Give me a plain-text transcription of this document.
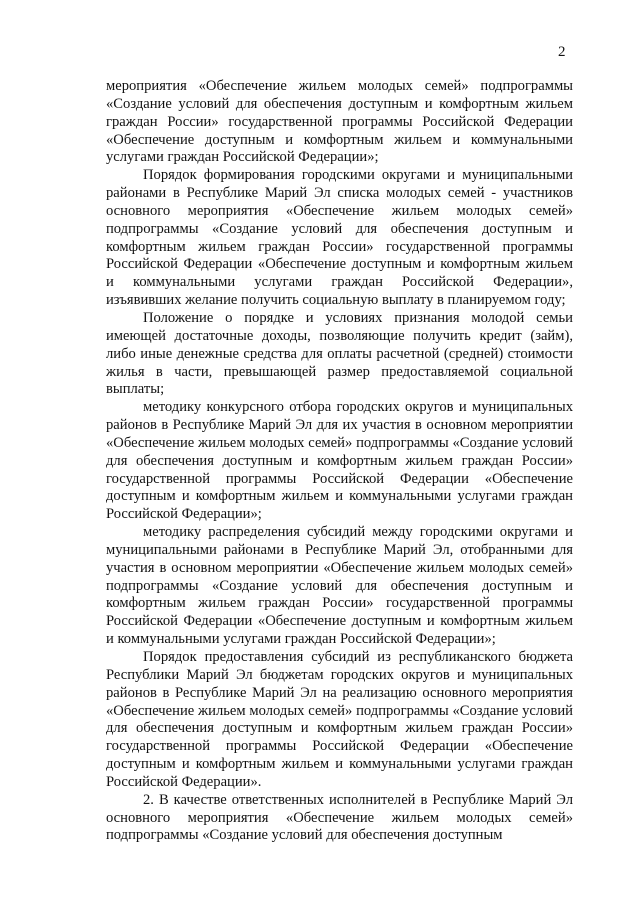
2

мероприятия «Обеспечение жильем молодых семей» подпрограммы «Создание условий для обеспечения доступным и комфортным жильем граждан России» государственной программы Российской Федерации «Обеспечение доступным и комфортным жильем и коммунальными услугами граждан Российской Федерации»;

Порядок формирования городскими округами и муниципальными районами в Республике Марий Эл списка молодых семей - участников основного мероприятия «Обеспечение жильем молодых семей» подпрограммы «Создание условий для обеспечения доступным и комфортным жильем граждан России» государственной программы Российской Федерации «Обеспечение доступным и комфортным жильем и коммунальными услугами граждан Российской Федерации», изъявивших желание получить социальную выплату в планируемом году;

Положение о порядке и условиях признания молодой семьи имеющей достаточные доходы, позволяющие получить кредит (займ), либо иные денежные средства для оплаты расчетной (средней) стоимости жилья в части, превышающей размер предоставляемой социальной выплаты;

методику конкурсного отбора городских округов и муниципальных районов в Республике Марий Эл для их участия в основном мероприятии «Обеспечение жильем молодых семей» подпрограммы «Создание условий для обеспечения доступным и комфортным жильем граждан России» государственной программы Российской Федерации «Обеспечение доступным и комфортным жильем и коммунальными услугами граждан Российской Федерации»;

методику распределения субсидий между городскими округами и муниципальными районами в Республике Марий Эл, отобранными для участия в основном мероприятии «Обеспечение жильем молодых семей» подпрограммы «Создание условий для обеспечения доступным и комфортным жильем граждан России» государственной программы Российской Федерации «Обеспечение доступным и комфортным жильем и коммунальными услугами граждан Российской Федерации»;

Порядок предоставления субсидий из республиканского бюджета Республики Марий Эл бюджетам городских округов и муниципальных районов в Республике Марий Эл на реализацию основного мероприятия «Обеспечение жильем молодых семей» подпрограммы «Создание условий для обеспечения доступным и комфортным жильем граждан России» государственной программы Российской Федерации «Обеспечение доступным и комфортным жильем и коммунальными услугами граждан Российской Федерации».

2. В качестве ответственных исполнителей в Республике Марий Эл основного мероприятия «Обеспечение жильем молодых семей» подпрограммы «Создание условий для обеспечения доступным
